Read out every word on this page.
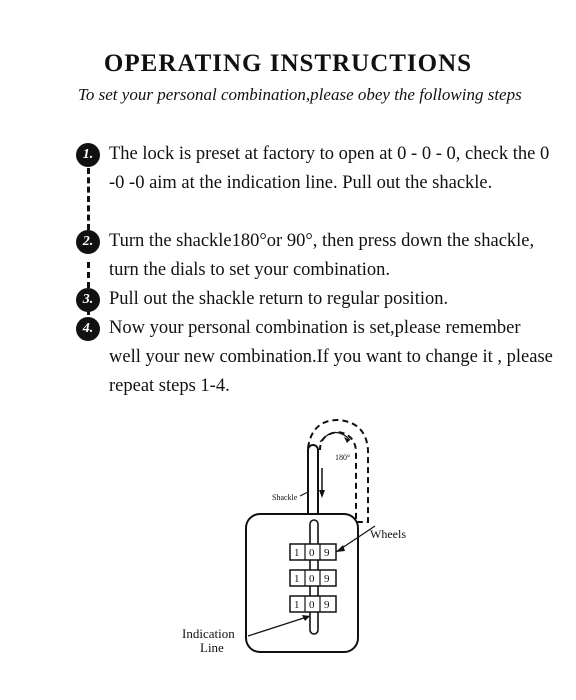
OPERATING INSTRUCTIONS
To set your personal combination,please obey the following steps
1. The lock is preset at factory to open at 0 - 0 - 0, check the 0 -0 -0 aim at the indication line. Pull out the shackle.
2. Turn the shackle180°or 90°, then press down the shackle, turn the dials to set your combination.
3. Pull out the shackle return to regular position.
4. Now your personal combination is set,please remember well your new combination.If you want to change it , please repeat steps 1-4.
180°
Shackle
1 0 9
1 0 9
1 0 9
Wheels
Indication
Line
